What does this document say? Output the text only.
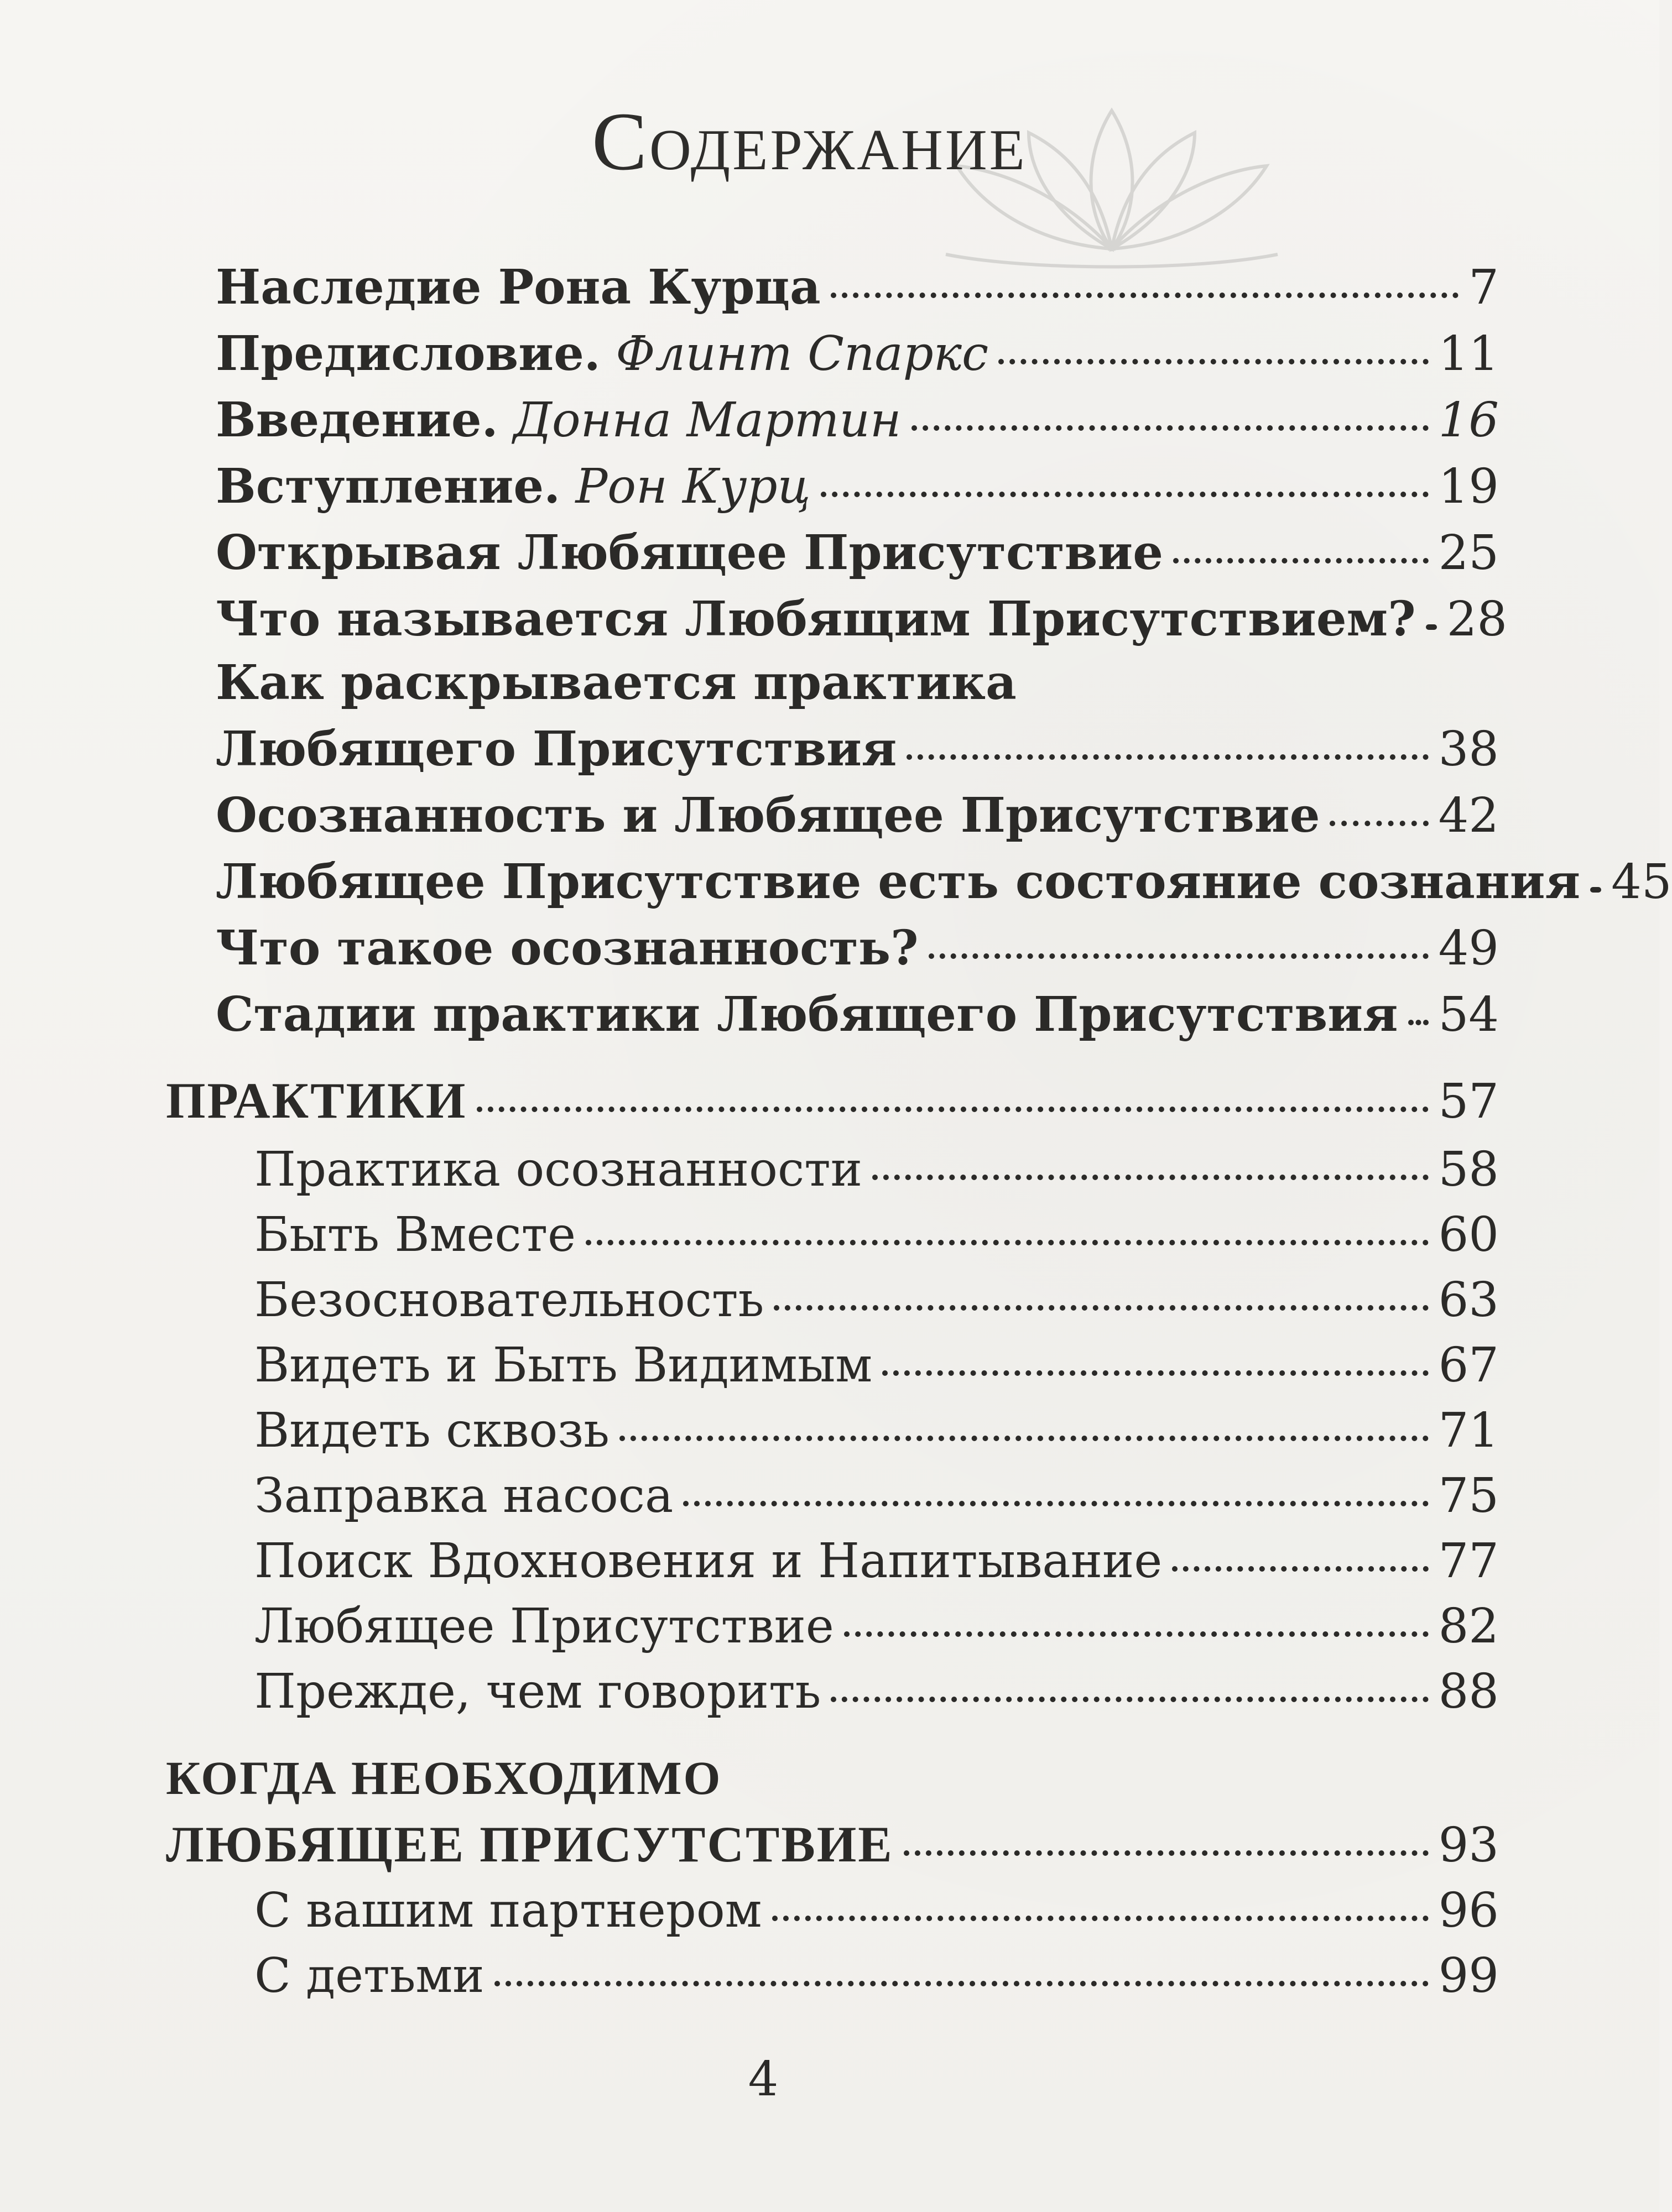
Содержание
Наследие Рона Курца	7
Предисловие. Флинт Спаркс	11
Введение. Донна Мартин	16
Вступление. Рон Курц	19
Открывая Любящее Присутствие	25
Что называется Любящим Присутствием? 28
Как раскрывается практика
Любящего Присутствия	38
Осознанность и Любящее Присутствие 42
Любящее Присутствие есть состояние сознания 45
Что такое осознанность?	49
Стадии практики Любящего Присутствия 54
ПРАКТИКИ	57
Практика осознанности	58
Быть Вместе	60
Безосновательность	63
Видеть и Быть Видимым	67
Видеть сквозь	71
Заправка насоса	75
Поиск Вдохновения и Напитывание	77
Любящее Присутствие	82
Прежде, чем говорить	88
КОГДА НЕОБХОДИМО
ЛЮБЯЩЕЕ ПРИСУТСТВИЕ	93
С вашим партнером	96
С детьми	99
4
